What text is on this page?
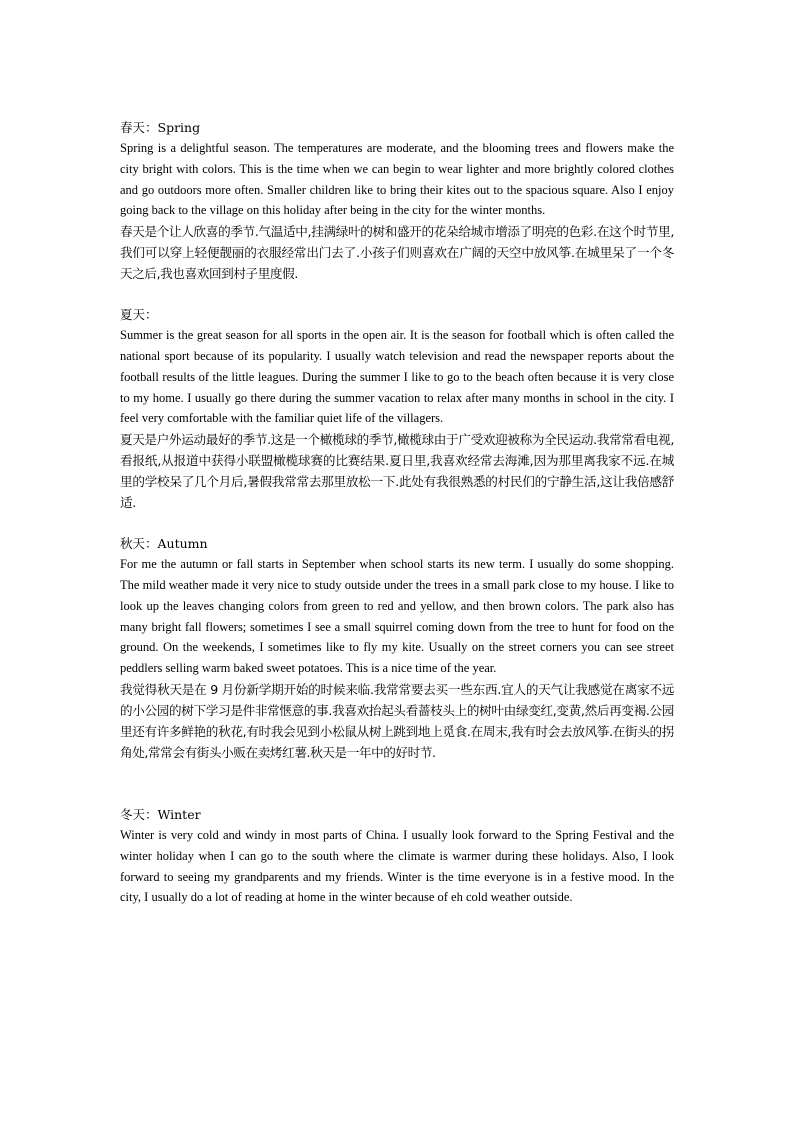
春天：Spring

Spring is a delightful season. The temperatures are moderate, and the blooming trees and flowers make the city bright with colors. This is the time when we can begin to wear lighter and more brightly colored clothes and go outdoors more often. Smaller children like to bring their kites out to the spacious square. Also I enjoy going back to the village on this holiday after being in the city for the winter months.

春天是个让人欣喜的季节.气温适中,挂满绿叶的树和盛开的花朵给城市增添了明亮的色彩.在这个时节里,我们可以穿上轻便靓丽的衣服经常出门去了.小孩子们则喜欢在广阔的天空中放风筝.在城里呆了一个冬天之后,我也喜欢回到村子里度假.

夏天：

Summer is the great season for all sports in the open air. It is the season for football which is often called the national sport because of its popularity. I usually watch television and read the newspaper reports about the football results of the little leagues. During the summer I like to go to the beach often because it is very close to my home. I usually go there during the summer vacation to relax after many months in school in the city. I feel very comfortable with the familiar quiet life of the villagers.

夏天是户外运动最好的季节.这是一个橄榄球的季节,橄榄球由于广受欢迎被称为全民运动.我常常看电视,看报纸,从报道中获得小联盟橄榄球赛的比赛结果.夏日里,我喜欢经常去海滩,因为那里离我家不远.在城里的学校呆了几个月后,暑假我常常去那里放松一下.此处有我很熟悉的村民们的宁静生活,这让我倍感舒适.

秋天：Autumn

For me the autumn or fall starts in September when school starts its new term. I usually do some shopping. The mild weather made it very nice to study outside under the trees in a small park close to my house. I like to look up the leaves changing colors from green to red and yellow, and then brown colors. The park also has many bright fall flowers; sometimes I see a small squirrel coming down from the tree to hunt for food on the ground. On the weekends, I sometimes like to fly my kite. Usually on the street corners you can see street peddlers selling warm baked sweet potatoes. This is a nice time of the year.

我觉得秋天是在 9 月份新学期开始的时候来临.我常常要去买一些东西.宜人的天气让我感觉在离家不远的小公园的树下学习是件非常惬意的事.我喜欢抬起头看蔷枝头上的树叶由绿变红,变黄,然后再变褐.公园里还有许多鲜艳的秋花,有时我会见到小松鼠从树上跳到地上觅食.在周末,我有时会去放风筝.在街头的拐角处,常常会有街头小贩在卖烤红薯.秋天是一年中的好时节.

冬天：Winter

Winter is very cold and windy in most parts of China. I usually look forward to the Spring Festival and the winter holiday when I can go to the south where the climate is warmer during these holidays. Also, I look forward to seeing my grandparents and my friends. Winter is the time everyone is in a festive mood. In the city, I usually do a lot of reading at home in the winter because of eh cold weather outside.
